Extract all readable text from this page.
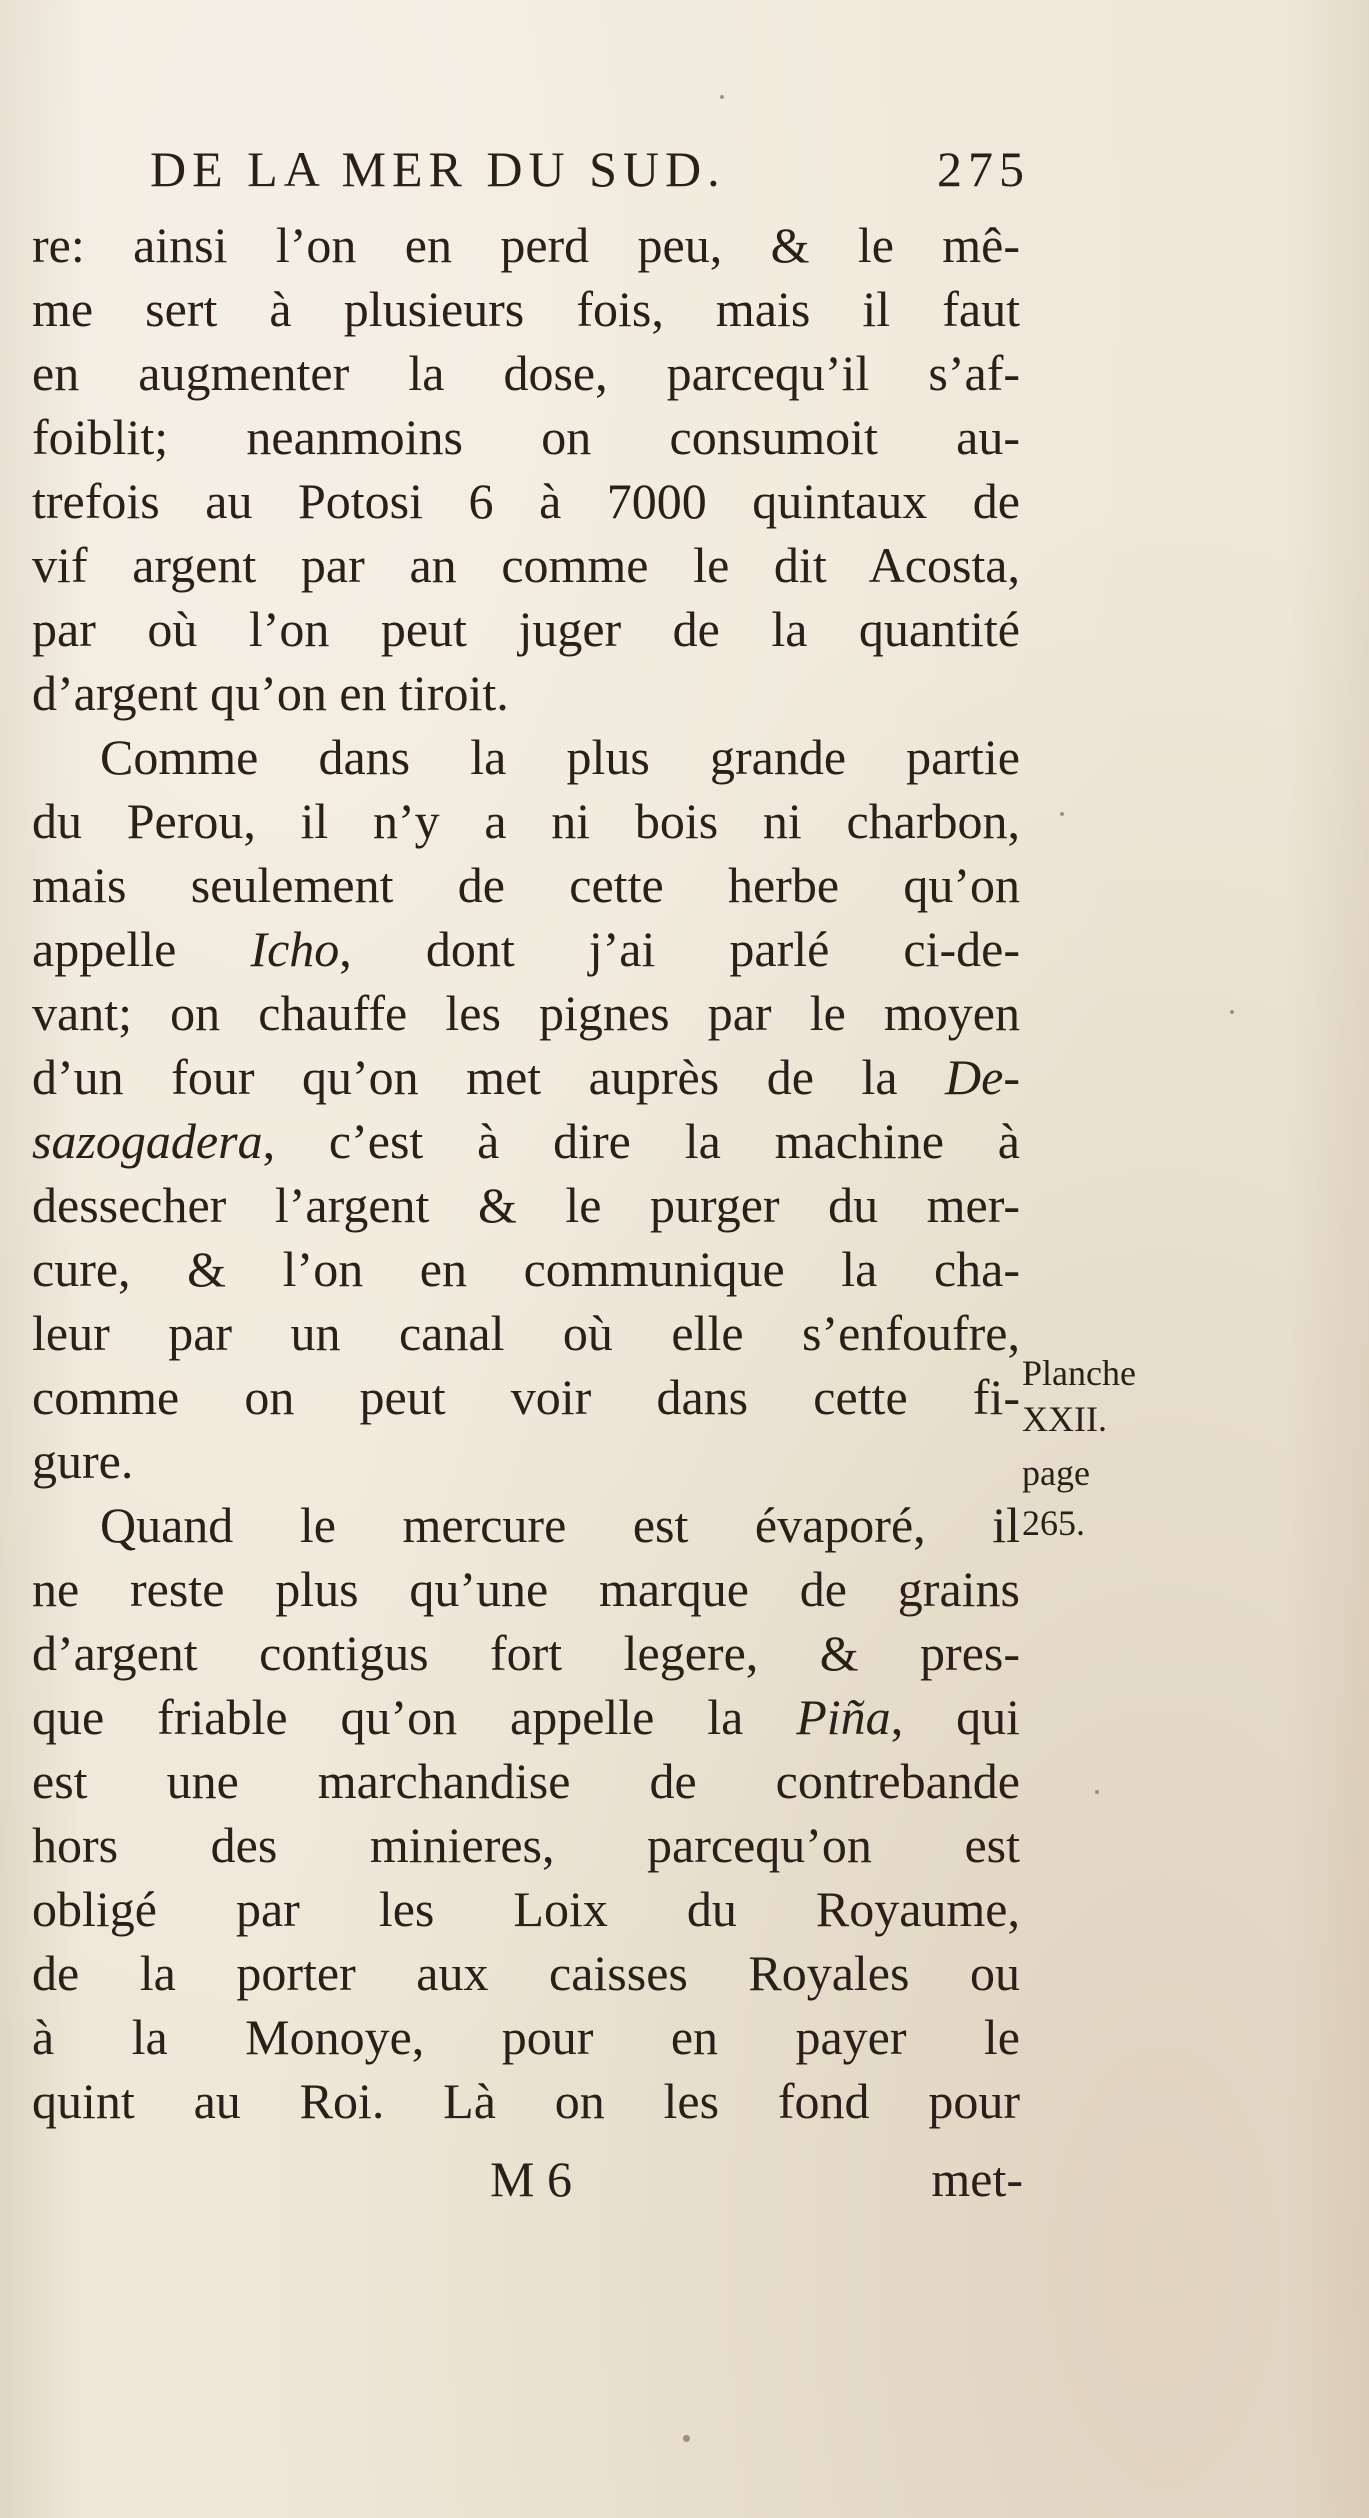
DE LA MER DU SUD.	275
re: ainsi l’on en perd peu, & le mê-
me sert à plusieurs fois, mais il faut
en augmenter la dose, parcequ’il s’af-
foiblit; neanmoins on consumoit au-
trefois au Potosi 6 à 7000 quintaux de
vif argent par an comme le dit Acosta,
par où l’on peut juger de la quantité
d’argent qu’on en tiroit.
Comme dans la plus grande partie
du Perou, il n’y a ni bois ni charbon,
mais seulement de cette herbe qu’on
appelle Icho, dont j’ai parlé ci-de-
vant; on chauffe les pignes par le moyen
d’un four qu’on met auprès de la De-
sazogadera, c’est à dire la machine à
dessecher l’argent & le purger du mer-
cure, & l’on en communique la cha-
leur par un canal où elle s’enfoufre,
comme on peut voir dans cette fi-
gure.
Quand le mercure est évaporé, il
ne reste plus qu’une marque de grains
d’argent contigus fort legere, & pres-
que friable qu’on appelle la Piña, qui
est une marchandise de contrebande
hors des minieres, parcequ’on est
obligé par les Loix du Royaume,
de la porter aux caisses Royales ou
à la Monoye, pour en payer le
quint au Roi. Là on les fond pour
Planche
XXII.
page
265.
M 6	met-
